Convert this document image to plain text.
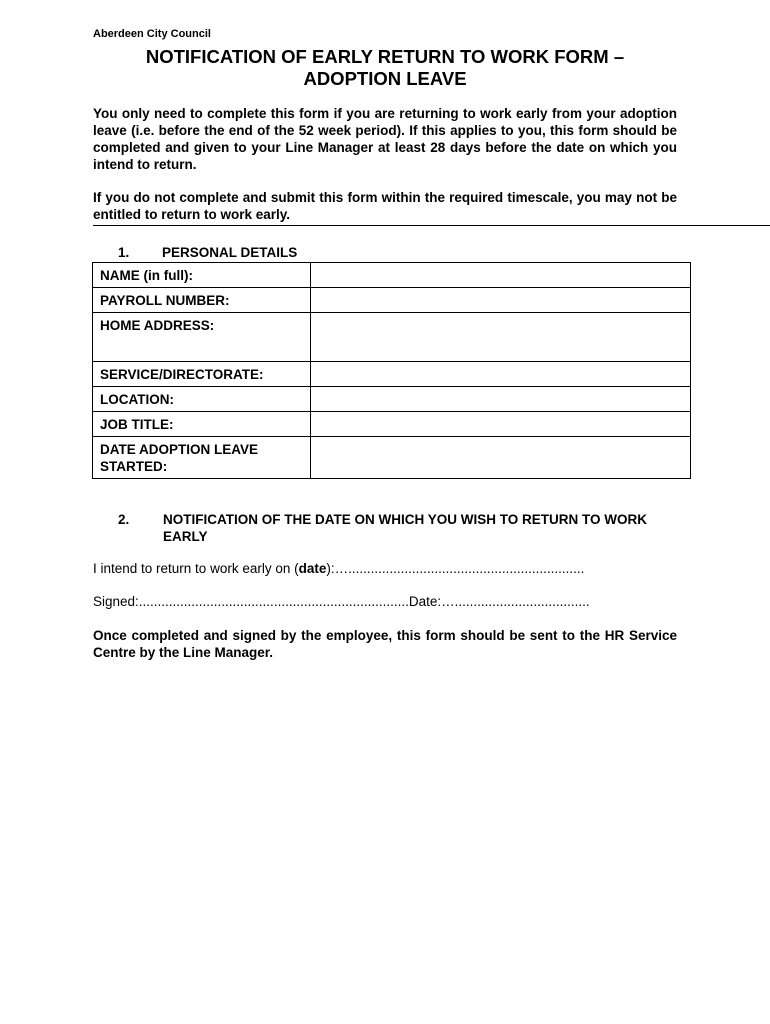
Aberdeen City Council
NOTIFICATION OF EARLY RETURN TO WORK FORM –
ADOPTION LEAVE
You only need to complete this form if you are returning to work early from your adoption leave (i.e. before the end of the 52 week period). If this applies to you, this form should be completed and given to your Line Manager at least 28 days before the date on which you intend to return.
If you do not complete and submit this form within the required timescale, you may not be entitled to return to work early.
1. PERSONAL DETAILS
NAME (in full):	
PAYROLL NUMBER:	
HOME ADDRESS:	
SERVICE/DIRECTORATE:	
LOCATION:	
JOB TITLE:	
DATE ADOPTION LEAVE STARTED:	
2. NOTIFICATION OF THE DATE ON WHICH YOU WISH TO RETURN TO WORK EARLY
I intend to return to work early on (date):…...............................................................
Signed:........................................................................Date:…....................................
Once completed and signed by the employee, this form should be sent to the HR Service Centre by the Line Manager.
